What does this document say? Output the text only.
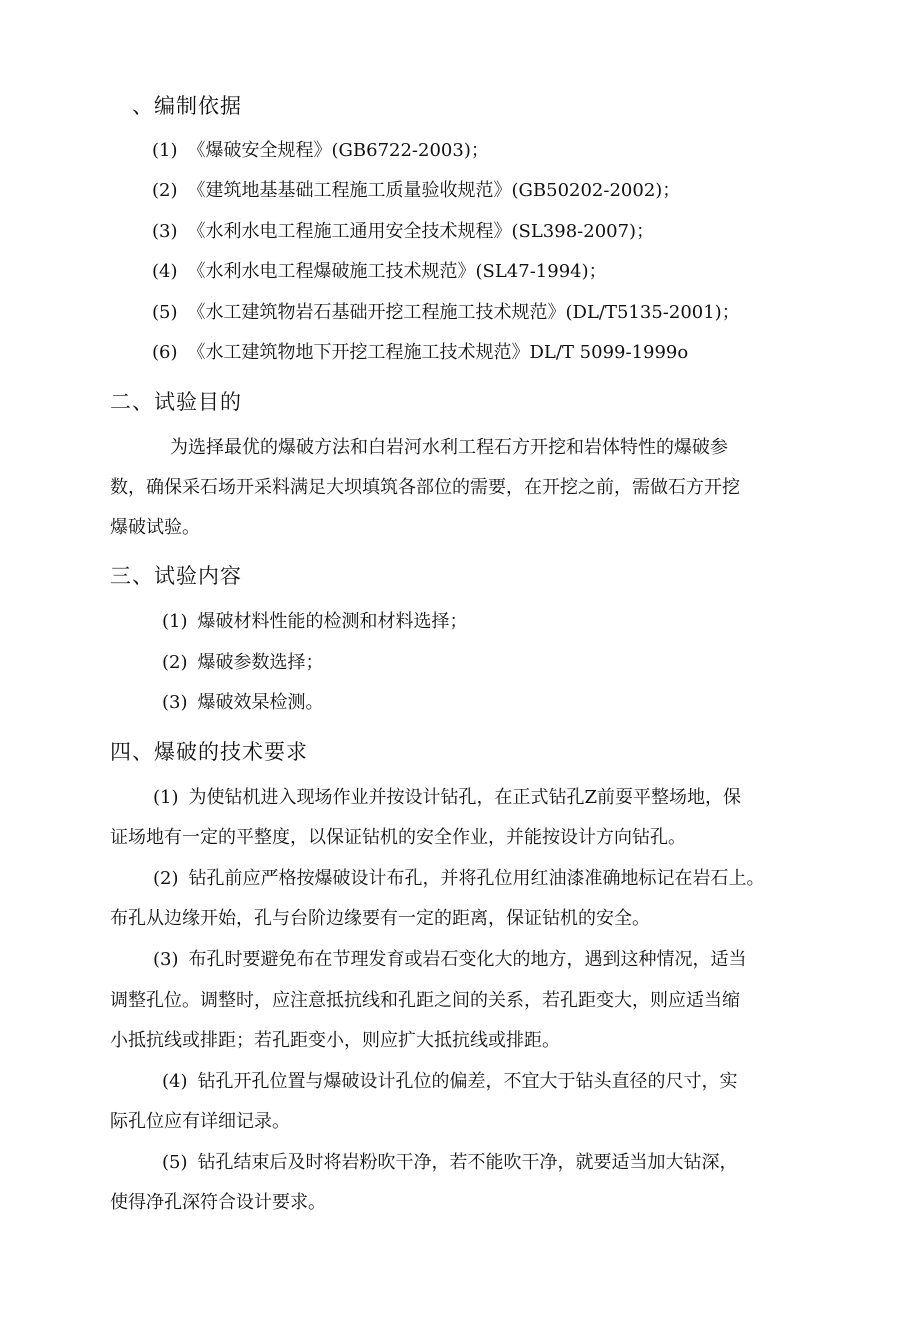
、编制依据
(1) 《爆破安全规程》(GB6722-2003)；
(2) 《建筑地基基础工程施工质量验收规范》(GB50202-2002)；
(3) 《水利水电工程施工通用安全技术规程》(SL398-2007)；
(4) 《水利水电工程爆破施工技术规范》(SL47-1994)；
(5) 《水工建筑物岩石基础开挖工程施工技术规范》(DL/T5135-2001)；
(6) 《水工建筑物地下开挖工程施工技术规范》DL/T 5099-1999o
二、试验目的
为选择最优的爆破方法和白岩河水利工程石方开挖和岩体特性的爆破参
数，确保采石场开采料满足大坝填筑各部位的需要，在开挖之前，需做石方开挖
爆破试验。
三、试验内容
(1) 爆破材料性能的检测和材料选择；
(2) 爆破参数选择；
(3) 爆破效杲检测。
四、爆破的技术要求
(1) 为使钻机进入现场作业并按设计钻孔，在正式钻孔Z前耍平整场地，保
证场地有一定的平整度，以保证钻机的安全作业，并能按设计方向钻孔。
(2) 钻孔前应严格按爆破设计布孔，并将孔位用红油漆准确地标记在岩石上。
布孔从边缘开始，孔与台阶边缘要有一定的距离，保证钻机的安全。
(3) 布孔时要避免布在节理发育或岩石变化大的地方，遇到这种情况，适当
调整孔位。调整时，应注意抵抗线和孔距之间的关系，若孔距变大，则应适当缩
小抵抗线或排距；若孔距变小，则应扩大抵抗线或排距。
(4) 钻孔开孔位置与爆破设计孔位的偏差，不宜大于钻头直径的尺寸，实
际孔位应有详细记录。
(5) 钻孔结束后及时将岩粉吹干净，若不能吹干净，就要适当加大钻深，
使得净孔深符合设计要求。
